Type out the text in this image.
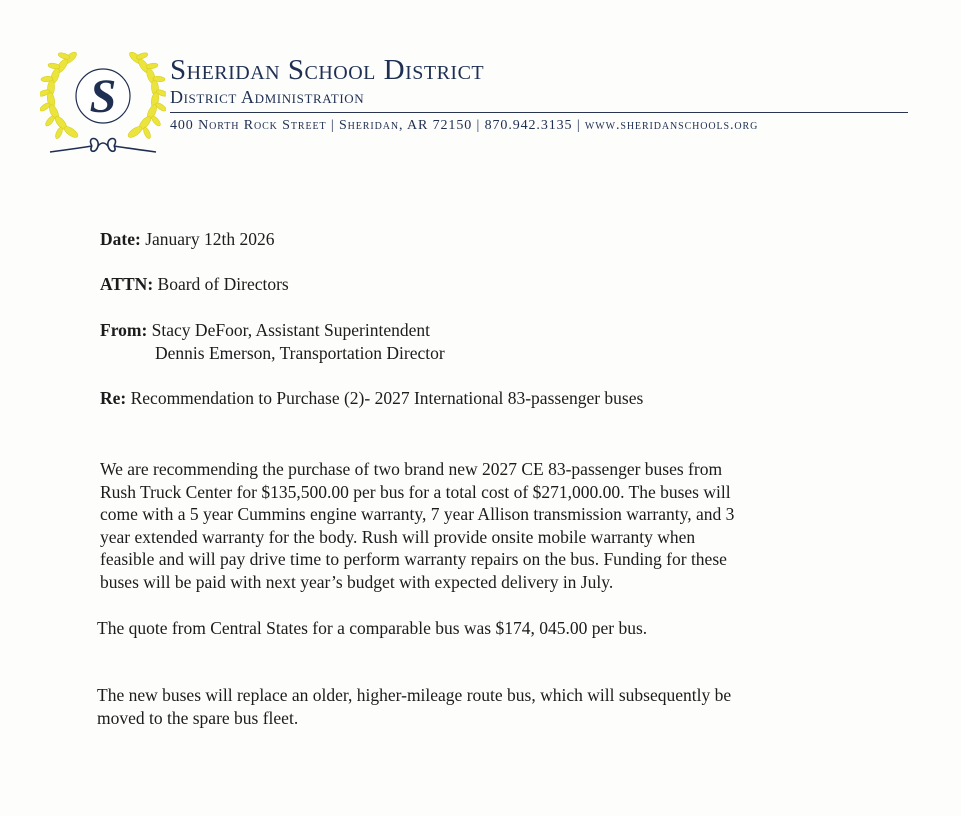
S Sheridan School District
District Administration
400 North Rock Street | Sheridan, AR 72150 | 870.942.3135 | www.sheridanschools.org
Date: January 12th 2026
ATTN: Board of Directors
From: Stacy DeFoor, Assistant Superintendent
Dennis Emerson, Transportation Director
Re: Recommendation to Purchase (2)- 2027 International 83-passenger buses
We are recommending the purchase of two brand new 2027 CE 83-passenger buses from
Rush Truck Center for $135,500.00 per bus for a total cost of $271,000.00. The buses will
come with a 5 year Cummins engine warranty, 7 year Allison transmission warranty, and 3
year extended warranty for the body. Rush will provide onsite mobile warranty when
feasible and will pay drive time to perform warranty repairs on the bus. Funding for these
buses will be paid with next year’s budget with expected delivery in July.
The quote from Central States for a comparable bus was $174, 045.00 per bus.
The new buses will replace an older, higher-mileage route bus, which will subsequently be
moved to the spare bus fleet.
